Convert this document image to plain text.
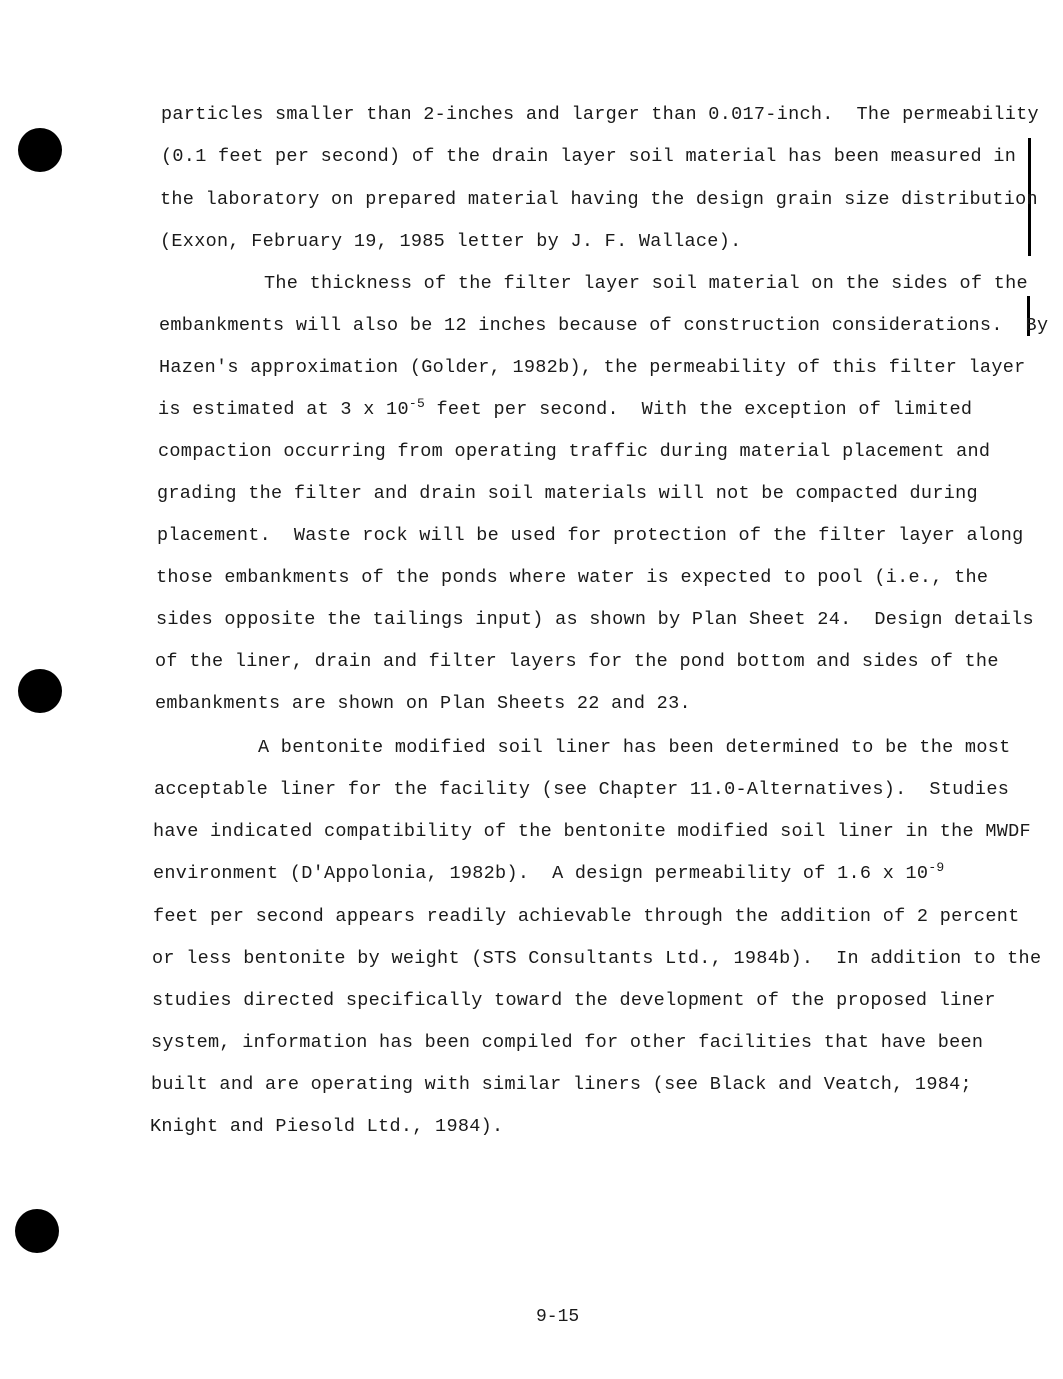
particles smaller than 2-inches and larger than 0.017-inch.  The permeability
(0.1 feet per second) of the drain layer soil material has been measured in
the laboratory on prepared material having the design grain size distribution
(Exxon, February 19, 1985 letter by J. F. Wallace).
The thickness of the filter layer soil material on the sides of the
embankments will also be 12 inches because of construction considerations.  By
Hazen's approximation (Golder, 1982b), the permeability of this filter layer
is estimated at 3 x $10^{-5}$ feet per second.  With the exception of limited
compaction occurring from operating traffic during material placement and
grading the filter and drain soil materials will not be compacted during
placement.  Waste rock will be used for protection of the filter layer along
those embankments of the ponds where water is expected to pool (i.e., the
sides opposite the tailings input) as shown by Plan Sheet 24.  Design details
of the liner, drain and filter layers for the pond bottom and sides of the
embankments are shown on Plan Sheets 22 and 23.
A bentonite modified soil liner has been determined to be the most
acceptable liner for the facility (see Chapter 11.0-Alternatives).  Studies
have indicated compatibility of the bentonite modified soil liner in the MWDF
environment (D'Appolonia, 1982b).  A design permeability of 1.6 x $10^{-9}$
feet per second appears readily achievable through the addition of 2 percent
or less bentonite by weight (STS Consultants Ltd., 1984b).  In addition to the
studies directed specifically toward the development of the proposed liner
system, information has been compiled for other facilities that have been
built and are operating with similar liners (see Black and Veatch, 1984;
Knight and Piesold Ltd., 1984).
9-15
